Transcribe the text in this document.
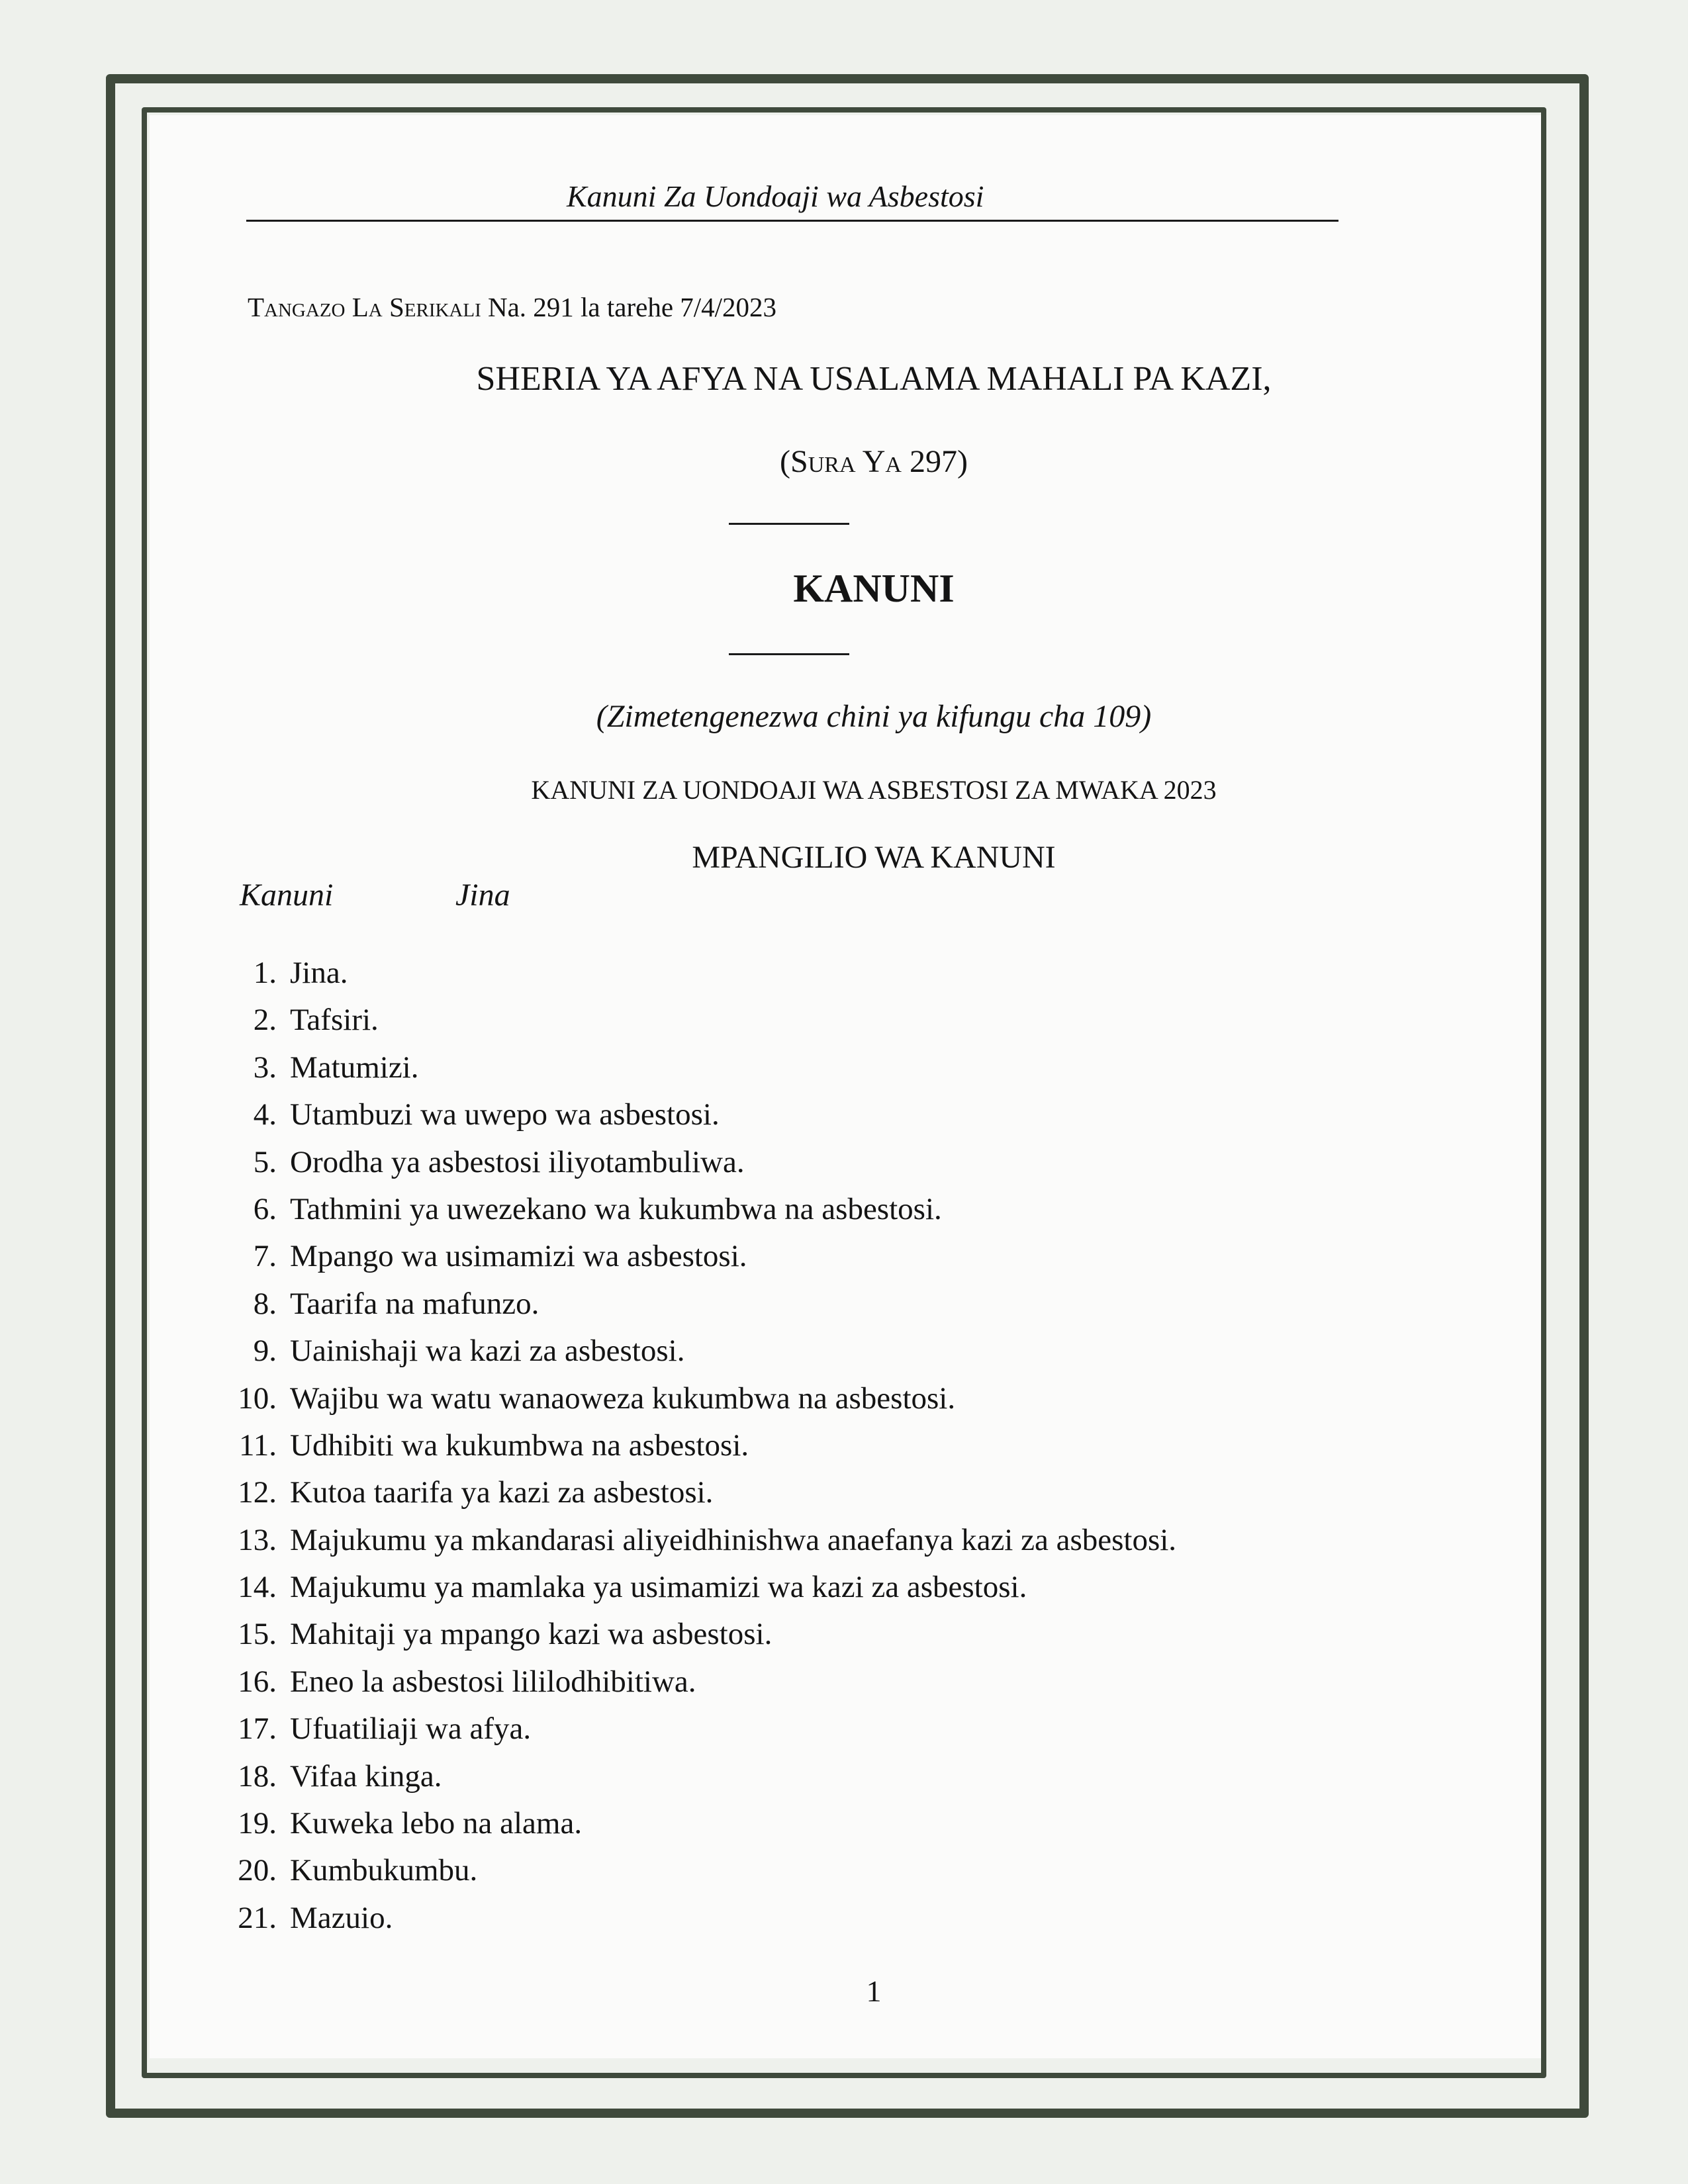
Kanuni Za Uondoaji wa Asbestosi
Tangazo La Serikali Na. 291 la tarehe 7/4/2023
SHERIA YA AFYA NA USALAMA MAHALI PA KAZI,
(Sura Ya 297)
KANUNI
(Zimetengenezwa chini ya kifungu cha 109)
KANUNI ZA UONDOAJI WA ASBESTOSI ZA MWAKA 2023
MPANGILIO WA KANUNI
Kanuni	Jina
1. Jina.
2. Tafsiri.
3. Matumizi.
4. Utambuzi wa uwepo wa asbestosi.
5. Orodha ya asbestosi iliyotambuliwa.
6. Tathmini ya uwezekano wa kukumbwa na asbestosi.
7. Mpango wa usimamizi wa asbestosi.
8. Taarifa na mafunzo.
9. Uainishaji wa kazi za asbestosi.
10. Wajibu wa watu wanaoweza kukumbwa na asbestosi.
11. Udhibiti wa kukumbwa na asbestosi.
12. Kutoa taarifa ya kazi za asbestosi.
13. Majukumu ya mkandarasi aliyeidhinishwa anaefanya kazi za asbestosi.
14. Majukumu ya mamlaka ya usimamizi wa kazi za asbestosi.
15. Mahitaji ya mpango kazi wa asbestosi.
16. Eneo la asbestosi lililodhibitiwa.
17. Ufuatiliaji wa afya.
18. Vifaa kinga.
19. Kuweka lebo na alama.
20. Kumbukumbu.
21. Mazuio.
1
